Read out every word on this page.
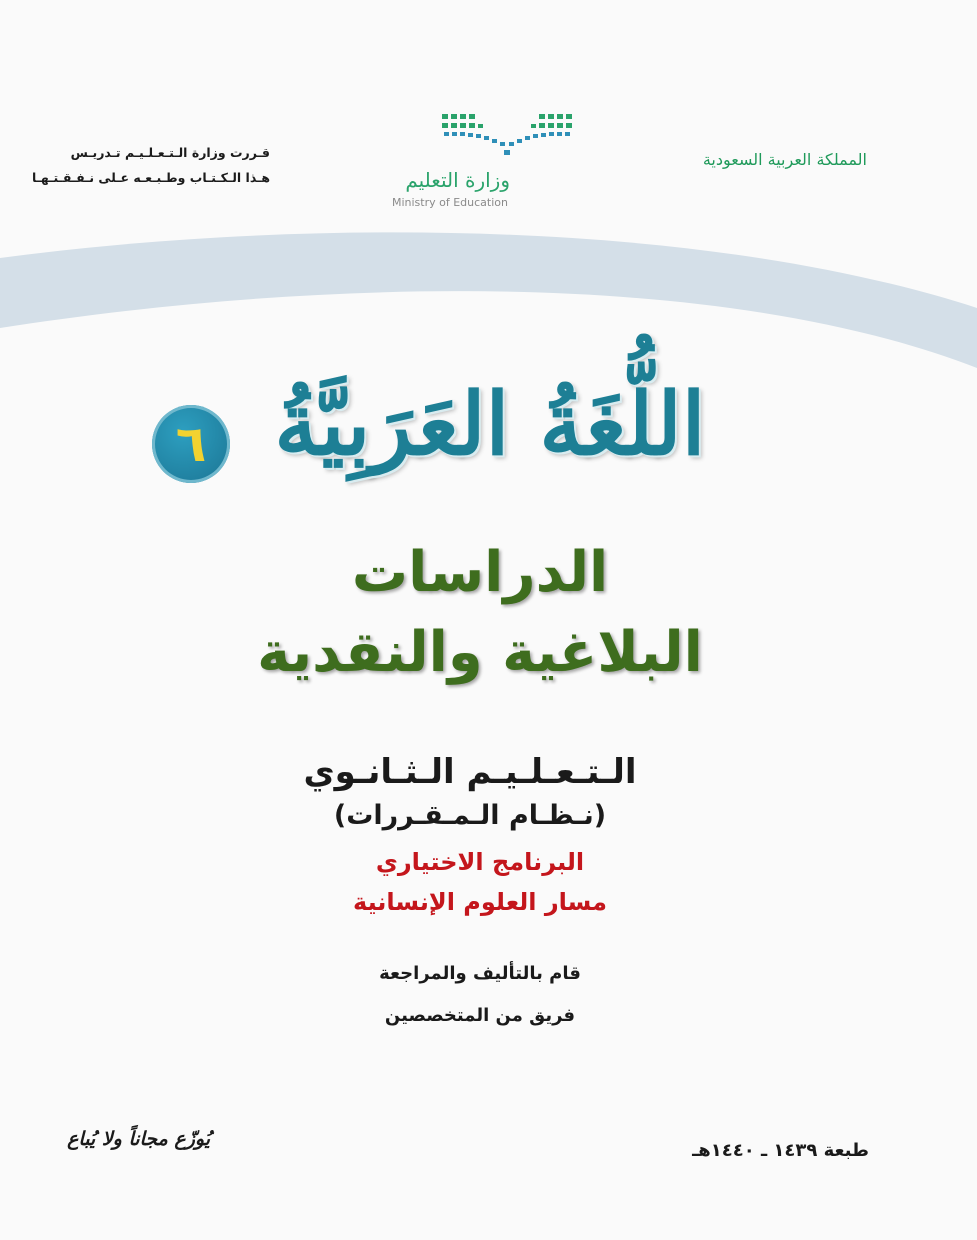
المملكة العربية السعودية
قـررت وزارة الـتـعـلـيـم تـدريـس
هـذا الـكـتـاب وطـبـعـه عـلى نـفـقـتـهـا	وزارة التعليم
Ministry of Education
٦ اللُّغَةُ العَرَبِيَّةُ
الدراسات
البلاغية والنقدية
الـتـعـلـيـم الـثـانـوي
(نـظـام الـمـقـررات)
البرنامج الاختياري
مسار العلوم الإنسانية
قام بالتأليف والمراجعة
فريق من المتخصصين
يُوزّع مجاناً ولا يُباع
طبعة ١٤٣٩ ـ ١٤٤٠هـ
